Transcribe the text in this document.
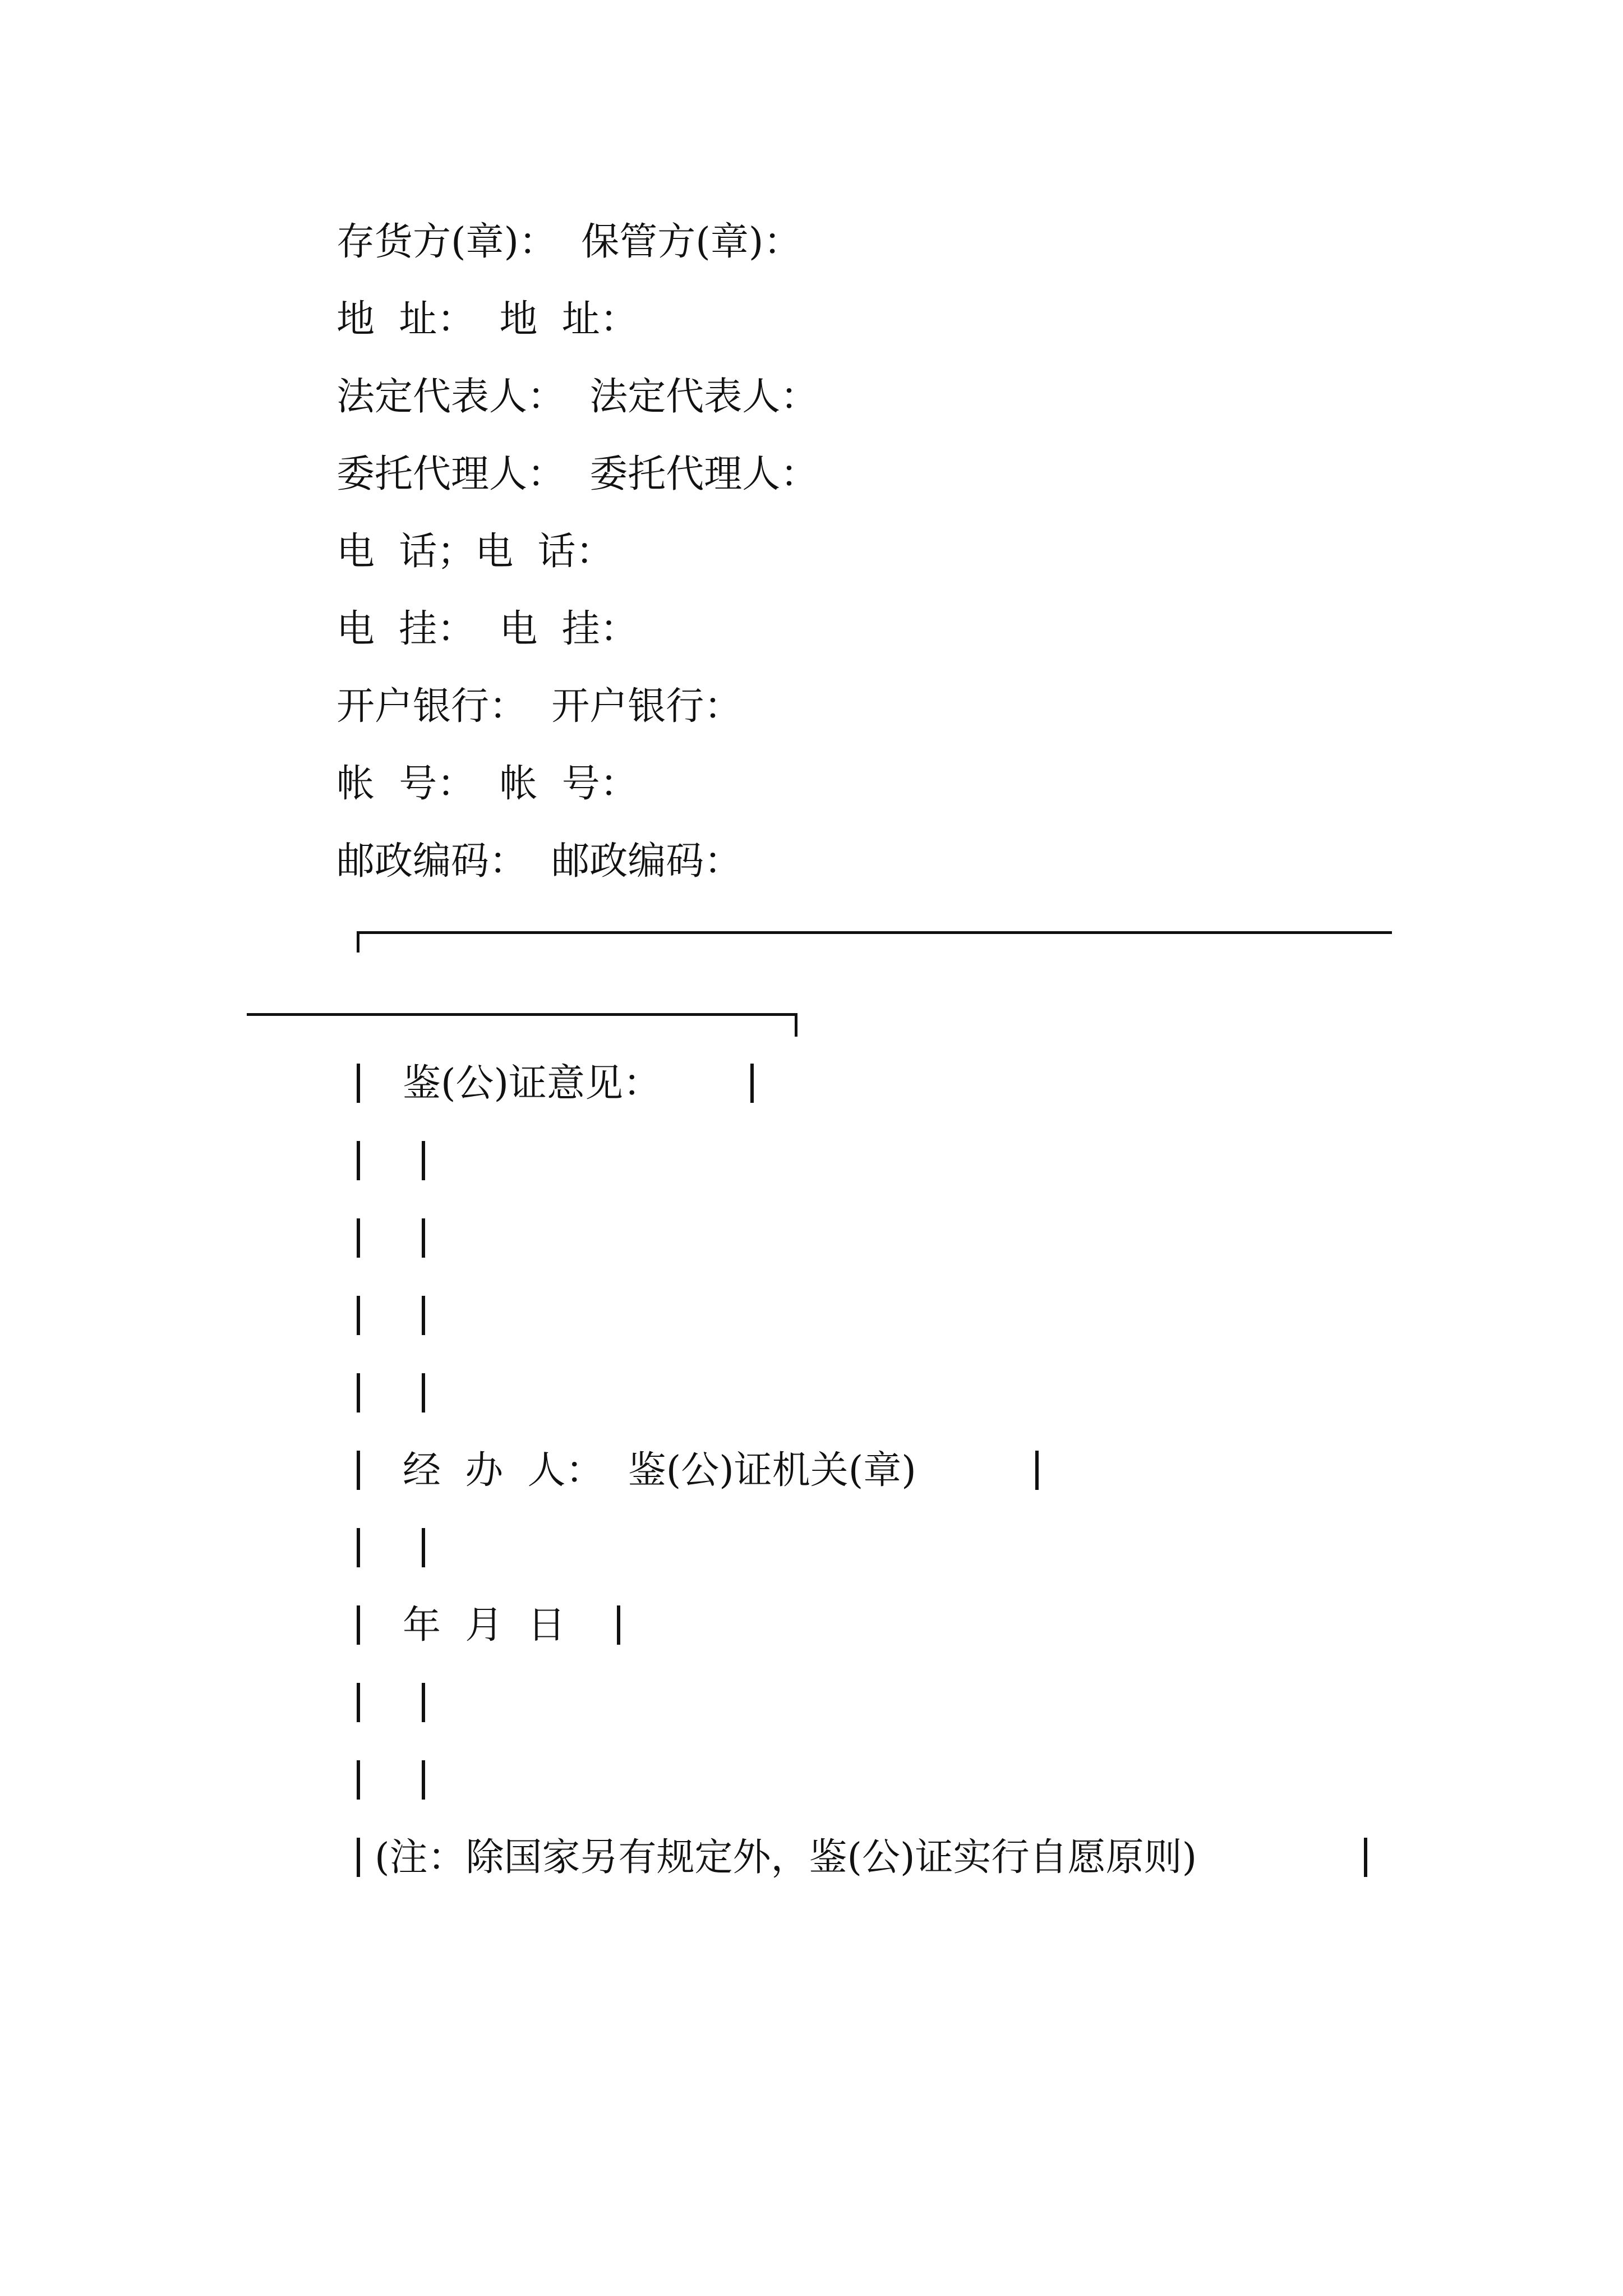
存货方(章)：  保管方(章)：
地  址：  地  址：
法定代表人：  法定代表人：
委托代理人：  委托代理人：
电  话；电  话：
电  挂：  电  挂：
开户银行：  开户银行：
帐  号：  帐  号：
邮政编码：  邮政编码：
鉴(公)证意见：
经  办  人：  鉴(公)证机关(章)
年  月  日
(注：除国家另有规定外，鉴(公)证实行自愿原则)
